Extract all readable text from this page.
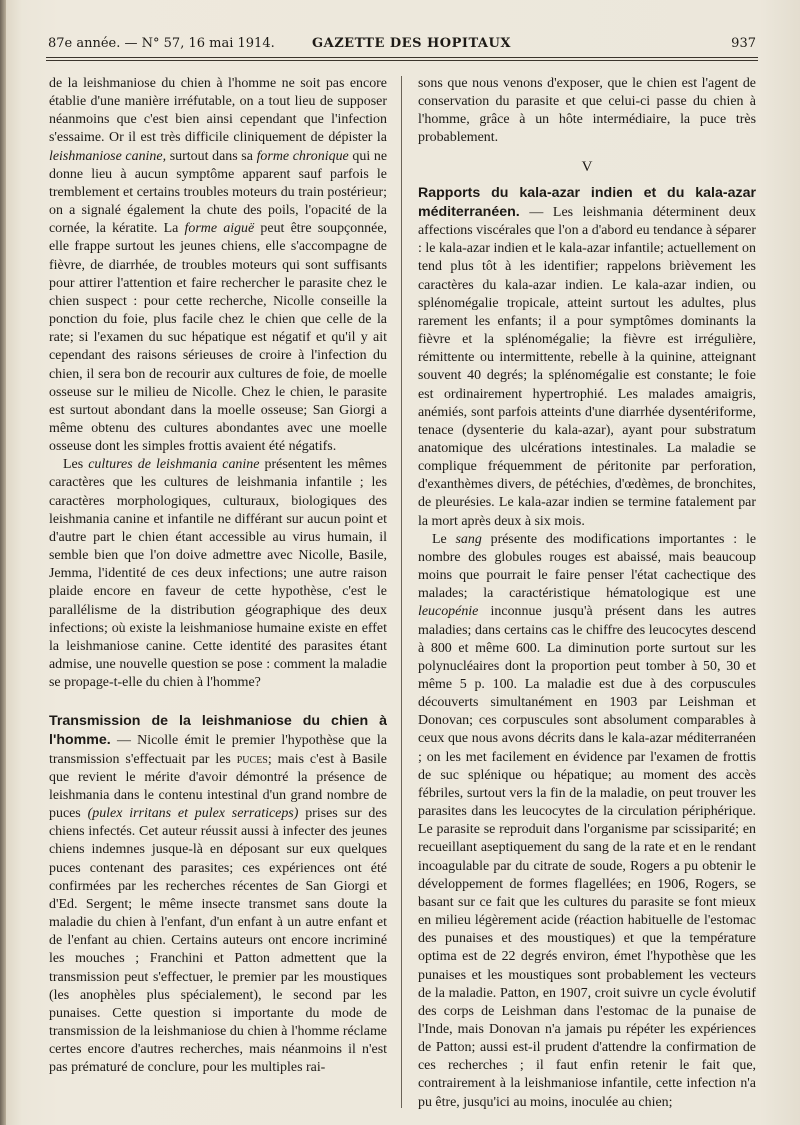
87e année. — N° 57, 16 mai 1914.	GAZETTE DES HOPITAUX	937

de la leishmaniose du chien à l'homme ne soit pas encore établie d'une manière irréfutable, on a tout lieu de supposer néanmoins que c'est bien ainsi cependant que l'infection s'essaime. Or il est très difficile cliniquement de dépister la leishmaniose canine, surtout dans sa forme chronique qui ne donne lieu à aucun symptôme apparent sauf parfois le tremblement et certains troubles moteurs du train postérieur; on a signalé également la chute des poils, l'opacité de la cornée, la kératite. La forme aiguë peut être soupçonnée, elle frappe surtout les jeunes chiens, elle s'accompagne de fièvre, de diarrhée, de troubles moteurs qui sont suffisants pour attirer l'attention et faire rechercher le parasite chez le chien suspect : pour cette recherche, Nicolle conseille la ponction du foie, plus facile chez le chien que celle de la rate; si l'examen du suc hépatique est négatif et qu'il y ait cependant des raisons sérieuses de croire à l'infection du chien, il sera bon de recourir aux cultures de foie, de moelle osseuse sur le milieu de Nicolle. Chez le chien, le parasite est surtout abondant dans la moelle osseuse; San Giorgi a même obtenu des cultures abondantes avec une moelle osseuse dont les simples frottis avaient été négatifs.

Les cultures de leishmania canine présentent les mêmes caractères que les cultures de leishmania infantile ; les caractères morphologiques, culturaux, biologiques des leishmania canine et infantile ne différant sur aucun point et d'autre part le chien étant accessible au virus humain, il semble bien que l'on doive admettre avec Nicolle, Basile, Jemma, l'identité de ces deux infections; une autre raison plaide encore en faveur de cette hypothèse, c'est le parallélisme de la distribution géographique des deux infections; où existe la leishmaniose humaine existe en effet la leishmaniose canine. Cette identité des parasites étant admise, une nouvelle question se pose : comment la maladie se propage-t-elle du chien à l'homme?

Transmission de la leishmaniose du chien à l'homme. — Nicolle émit le premier l'hypothèse que la transmission s'effectuait par les puces; mais c'est à Basile que revient le mérite d'avoir démontré la présence de leishmania dans le contenu intestinal d'un grand nombre de puces (pulex irritans et pulex serraticeps) prises sur des chiens infectés. Cet auteur réussit aussi à infecter des jeunes chiens indemnes jusque-là en déposant sur eux quelques puces contenant des parasites; ces expériences ont été confirmées par les recherches récentes de San Giorgi et d'Ed. Sergent; le même insecte transmet sans doute la maladie du chien à l'enfant, d'un enfant à un autre enfant et de l'enfant au chien. Certains auteurs ont encore incriminé les mouches ; Franchini et Patton admettent que la transmission peut s'effectuer, le premier par les moustiques (les anophèles plus spécialement), le second par les punaises. Cette question si importante du mode de transmission de la leishmaniose du chien à l'homme réclame certes encore d'autres recherches, mais néanmoins il n'est pas prématuré de conclure, pour les multiples rai-

sons que nous venons d'exposer, que le chien est l'agent de conservation du parasite et que celui-ci passe du chien à l'homme, grâce à un hôte intermédiaire, la puce très probablement.

V

Rapports du kala-azar indien et du kala-azar méditerranéen. — Les leishmania déterminent deux affections viscérales que l'on a d'abord eu tendance à séparer : le kala-azar indien et le kala-azar infantile; actuellement on tend plus tôt à les identifier; rappelons brièvement les caractères du kala-azar indien. Le kala-azar indien, ou splénomégalie tropicale, atteint surtout les adultes, plus rarement les enfants; il a pour symptômes dominants la fièvre et la splénomégalie; la fièvre est irrégulière, rémittente ou intermittente, rebelle à la quinine, atteignant souvent 40 degrés; la splénomégalie est constante; le foie est ordinairement hypertrophié. Les malades amaigris, anémiés, sont parfois atteints d'une diarrhée dysentériforme, tenace (dysenterie du kala-azar), ayant pour substratum anatomique des ulcérations intestinales. La maladie se complique fréquemment de péritonite par perforation, d'exanthèmes divers, de pétéchies, d'œdèmes, de bronchites, de pleurésies. Le kala-azar indien se termine fatalement par la mort après deux à six mois.

Le sang présente des modifications importantes : le nombre des globules rouges est abaissé, mais beaucoup moins que pourrait le faire penser l'état cachectique des malades; la caractéristique hématologique est une leucopénie inconnue jusqu'à présent dans les autres maladies; dans certains cas le chiffre des leucocytes descend à 800 et même 600. La diminution porte surtout sur les polynucléaires dont la proportion peut tomber à 50, 30 et même 5 p. 100. La maladie est due à des corpuscules découverts simultanément en 1903 par Leishman et Donovan; ces corpuscules sont absolument comparables à ceux que nous avons décrits dans le kala-azar méditerranéen ; on les met facilement en évidence par l'examen de frottis de suc splénique ou hépatique; au moment des accès fébriles, surtout vers la fin de la maladie, on peut trouver les parasites dans les leucocytes de la circulation périphérique. Le parasite se reproduit dans l'organisme par scissiparité; en recueillant aseptiquement du sang de la rate et en le rendant incoagulable par du citrate de soude, Rogers a pu obtenir le développement de formes flagellées; en 1906, Rogers, se basant sur ce fait que les cultures du parasite se font mieux en milieu légèrement acide (réaction habituelle de l'estomac des punaises et des moustiques) et que la température optima est de 22 degrés environ, émet l'hypothèse que les punaises et les moustiques sont probablement les vecteurs de la maladie. Patton, en 1907, croit suivre un cycle évolutif des corps de Leishman dans l'estomac de la punaise de l'Inde, mais Donovan n'a jamais pu répéter les expériences de Patton; aussi est-il prudent d'attendre la confirmation de ces recherches ; il faut enfin retenir le fait que, contrairement à la leishmaniose infantile, cette infection n'a pu être, jusqu'ici au moins, inoculée au chien;
